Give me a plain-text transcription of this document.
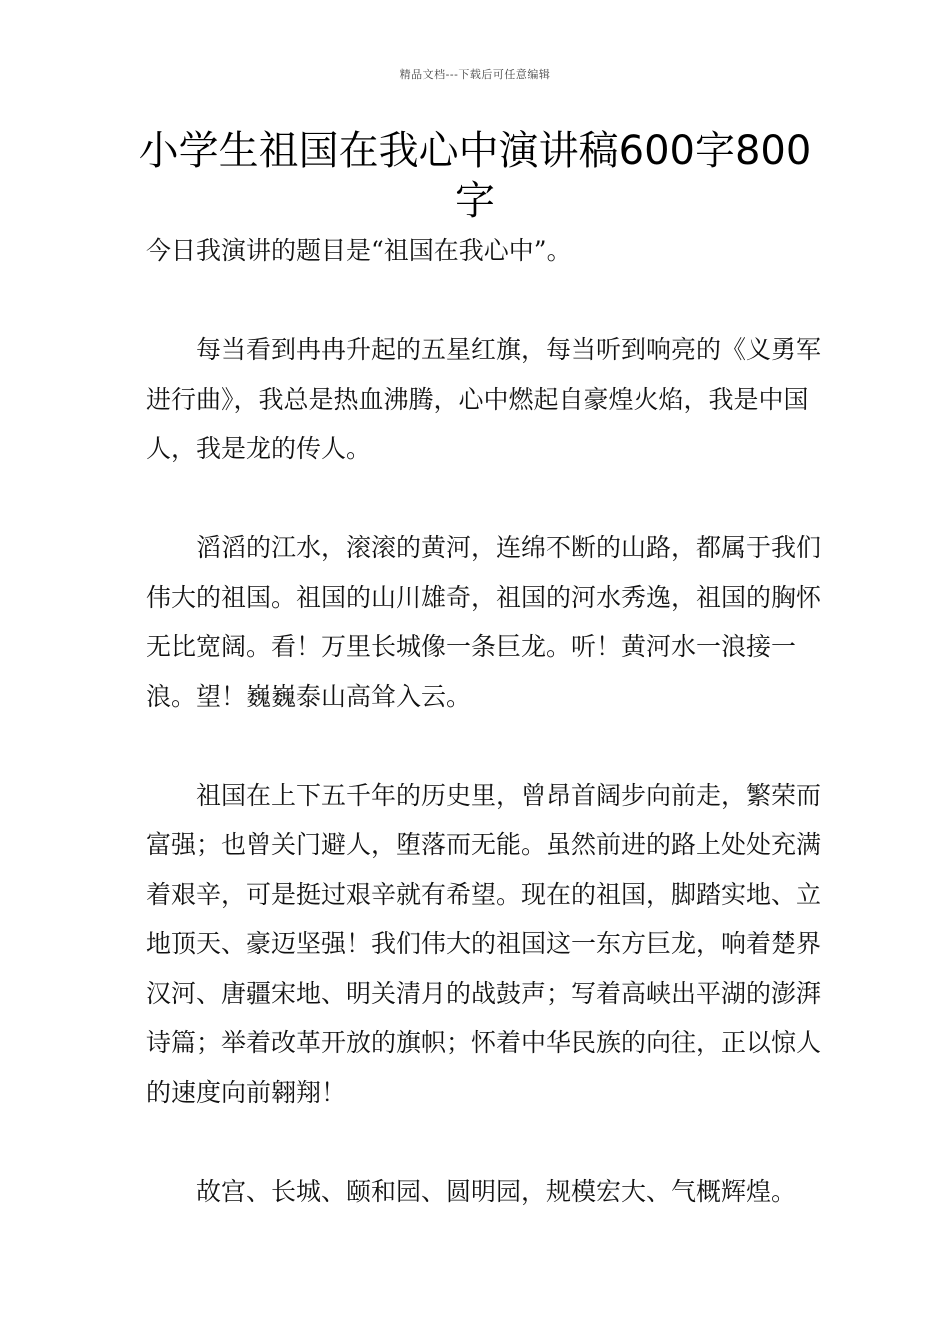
精品文档---下载后可任意编辑
小学生祖国在我心中演讲稿600字800字

今日我演讲的题目是“祖国在我心中”。

每当看到冉冉升起的五星红旗，每当听到响亮的《义勇军进行曲》，我总是热血沸腾，心中燃起自豪煌火焰，我是中国人，我是龙的传人。

滔滔的江水，滚滚的黄河，连绵不断的山路，都属于我们伟大的祖国。祖国的山川雄奇，祖国的河水秀逸，祖国的胸怀无比宽阔。看！万里长城像一条巨龙。听！黄河水一浪接一浪。望！巍巍泰山高耸入云。

祖国在上下五千年的历史里，曾昂首阔步向前走，繁荣而富强；也曾关门避人，堕落而无能。虽然前进的路上处处充满着艰辛，可是挺过艰辛就有希望。现在的祖国，脚踏实地、立地顶天、豪迈坚强！我们伟大的祖国这一东方巨龙，响着楚界汉河、唐疆宋地、明关清月的战鼓声；写着高峡出平湖的澎湃诗篇；举着改革开放的旗帜；怀着中华民族的向往，正以惊人的速度向前翱翔！

故宫、长城、颐和园、圆明园，规模宏大、气概辉煌。
